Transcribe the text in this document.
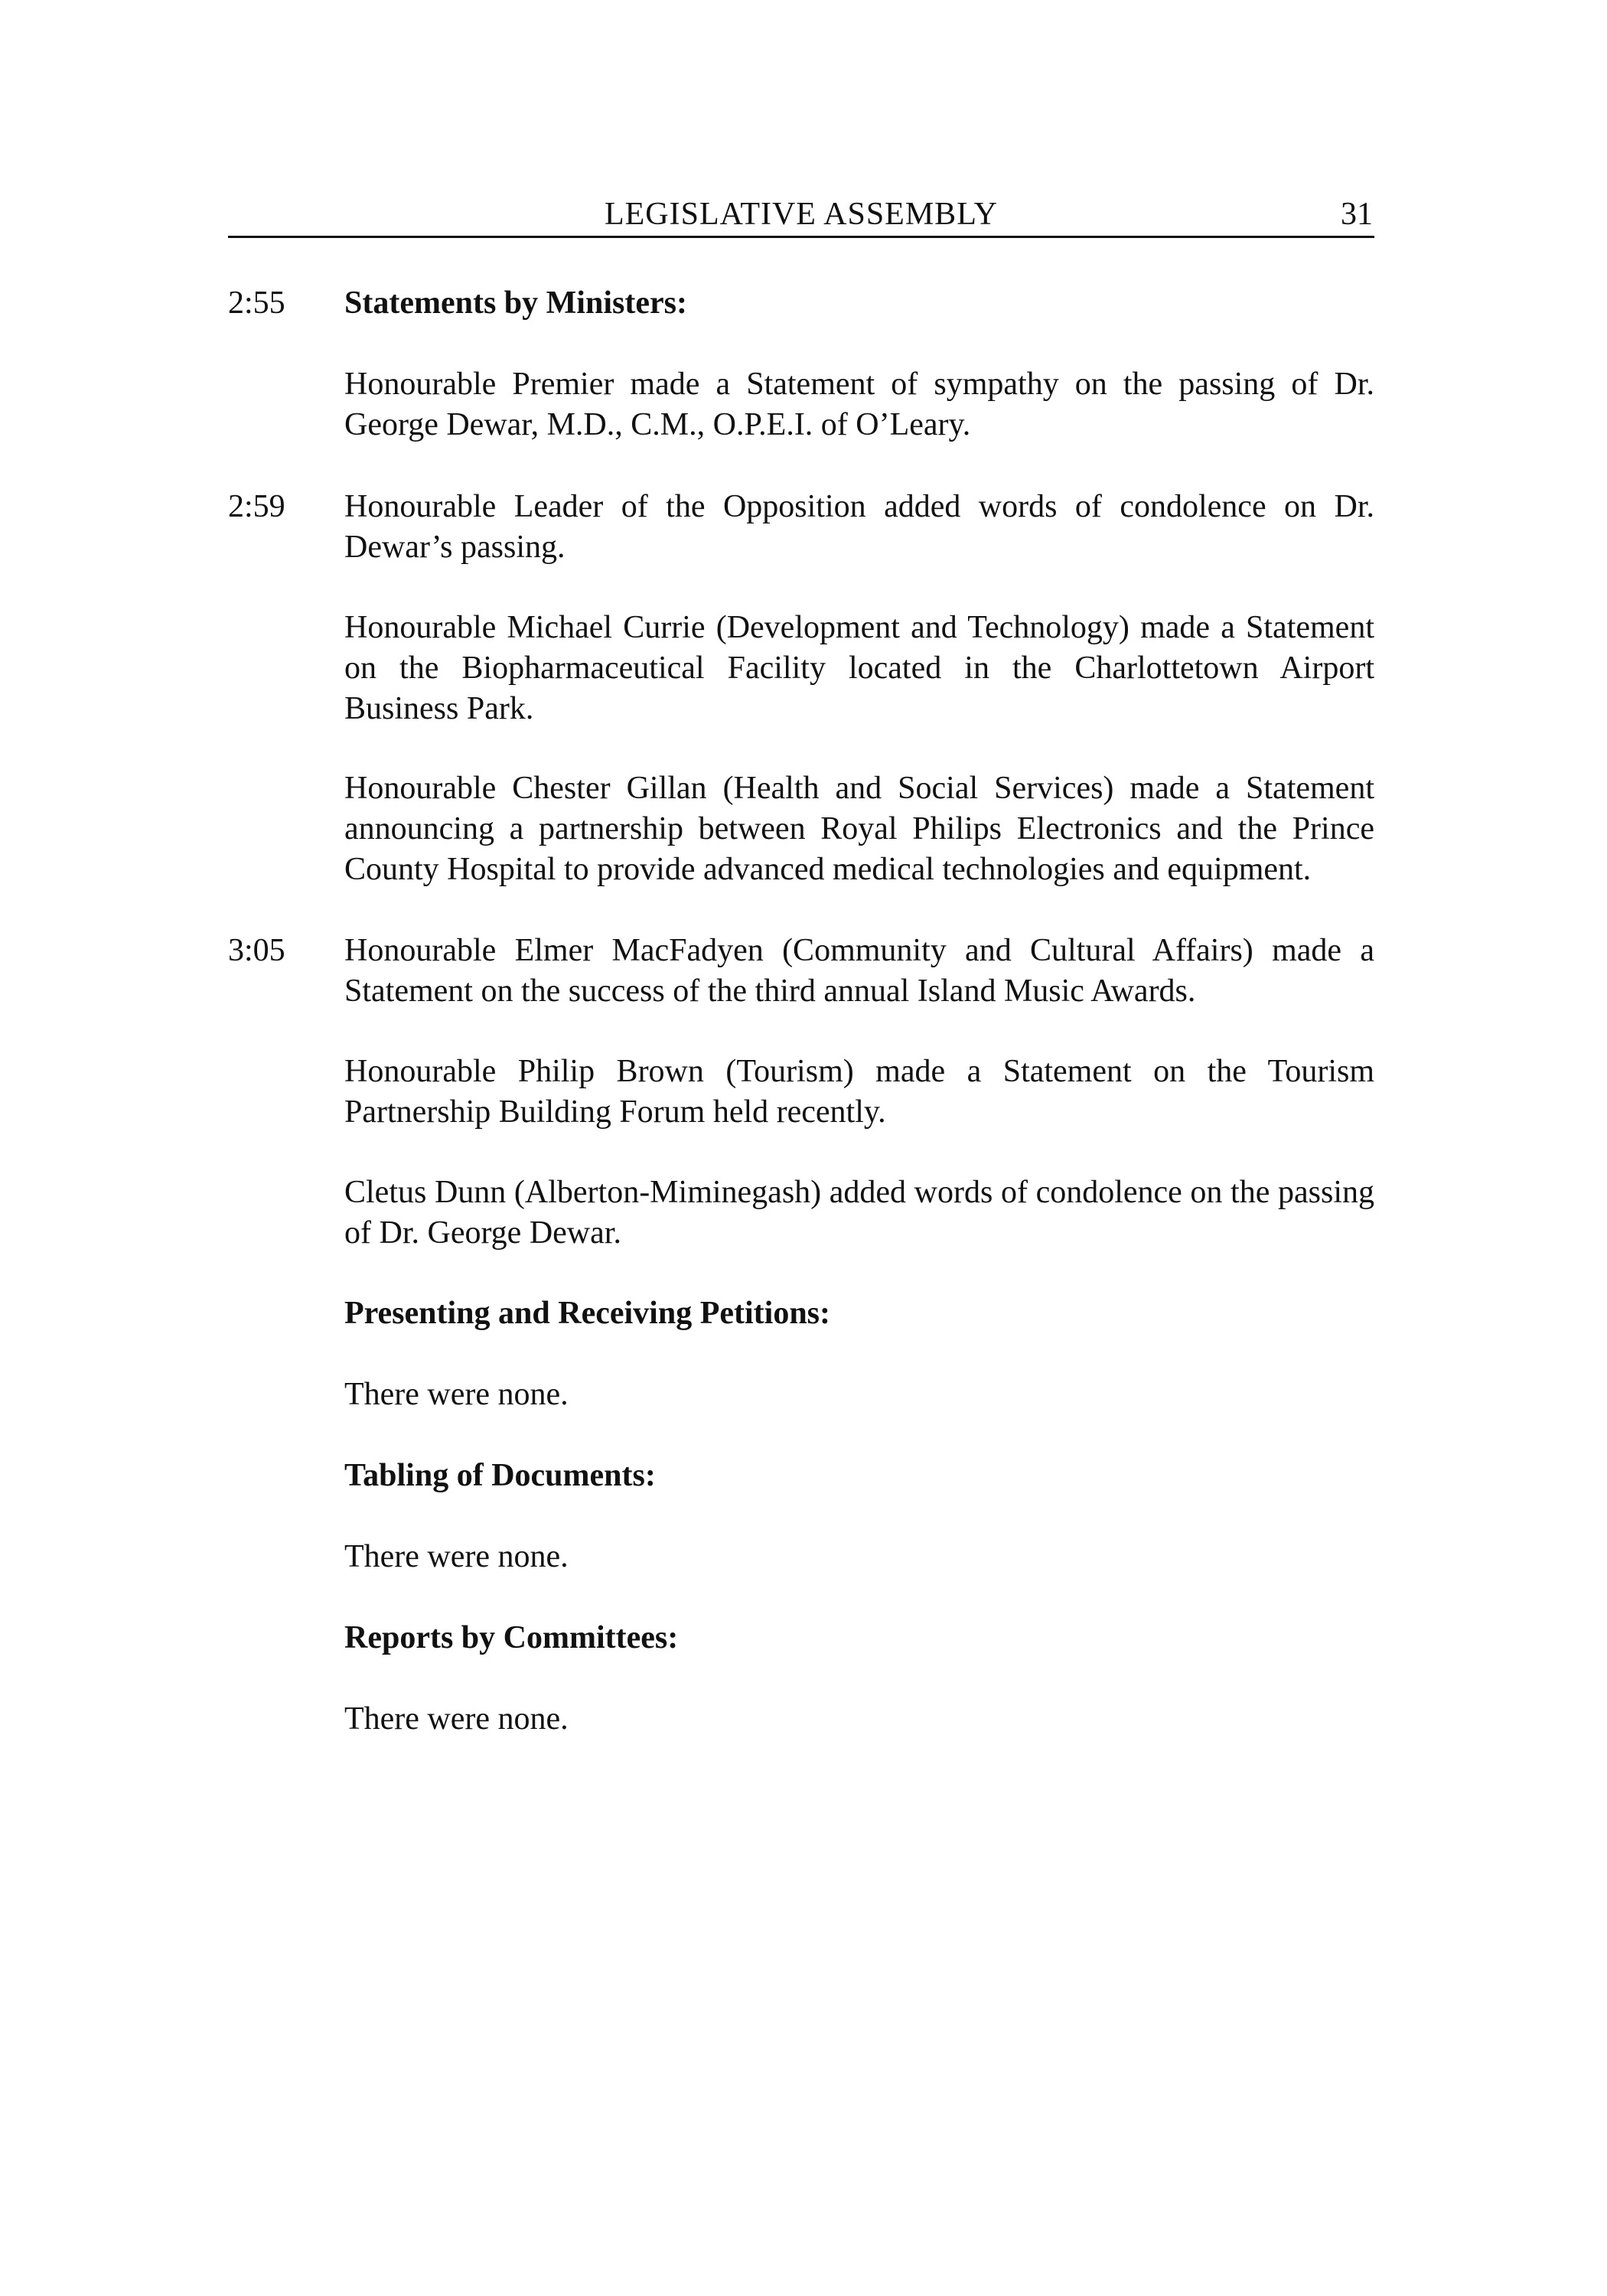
LEGISLATIVE ASSEMBLY	31
2:55 Statements by Ministers:
Honourable Premier made a Statement of sympathy on the passing of Dr. George Dewar, M.D., C.M., O.P.E.I. of O’Leary.
2:59 Honourable Leader of the Opposition added words of condolence on Dr. Dewar’s passing.
Honourable Michael Currie (Development and Technology) made a Statement on the Biopharmaceutical Facility located in the Charlottetown Airport Business Park.
Honourable Chester Gillan (Health and Social Services) made a Statement announcing a partnership between Royal Philips Electronics and the Prince County Hospital to provide advanced medical technologies and equipment.
3:05 Honourable Elmer MacFadyen (Community and Cultural Affairs) made a Statement on the success of the third annual Island Music Awards.
Honourable Philip Brown (Tourism) made a Statement on the Tourism Partnership Building Forum held recently.
Cletus Dunn (Alberton-Miminegash) added words of condolence on the passing of Dr. George Dewar.
Presenting and Receiving Petitions:
There were none.
Tabling of Documents:
There were none.
Reports by Committees:
There were none.
